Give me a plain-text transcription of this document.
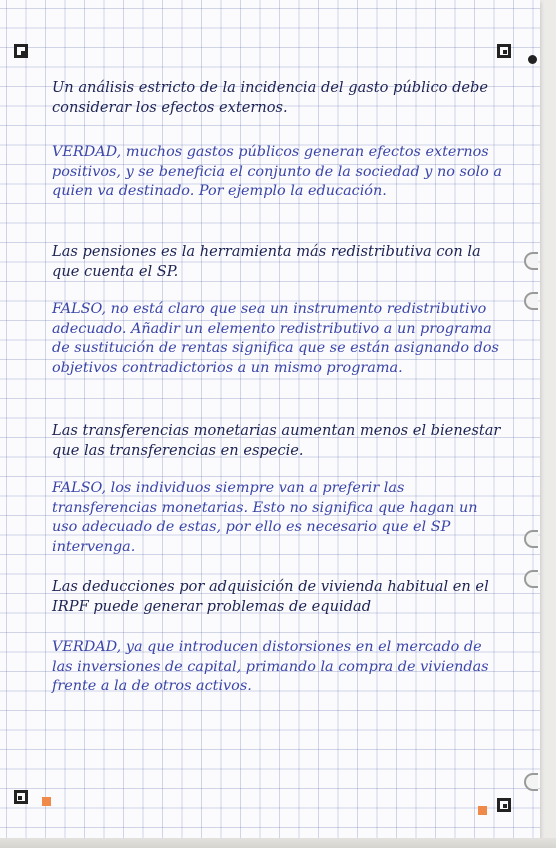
Un análisis estricto de la incidencia del gasto público debe considerar los efectos externos.

VERDAD, muchos gastos públicos generan efectos externos positivos, y se beneficia el conjunto de la sociedad y no solo a quien va destinado. Por ejemplo la educación.

Las pensiones es la herramienta más redistributiva con la que cuenta el SP.

FALSO, no está claro que sea un instrumento redistributivo adecuado. Añadir un elemento redistributivo a un programa de sustitución de rentas significa que se están asignando dos objetivos contradictorios a un mismo programa.

Las transferencias monetarias aumentan menos el bienestar que las transferencias en especie.

FALSO, los individuos siempre van a preferir las transferencias monetarias. Esto no significa que hagan un uso adecuado de estas, por ello es necesario que el SP intervenga.

Las deducciones por adquisición de vivienda habitual en el IRPF puede generar problemas de equidad

VERDAD, ya que introducen distorsiones en el mercado de las inversiones de capital, primando la compra de viviendas frente a la de otros activos.
